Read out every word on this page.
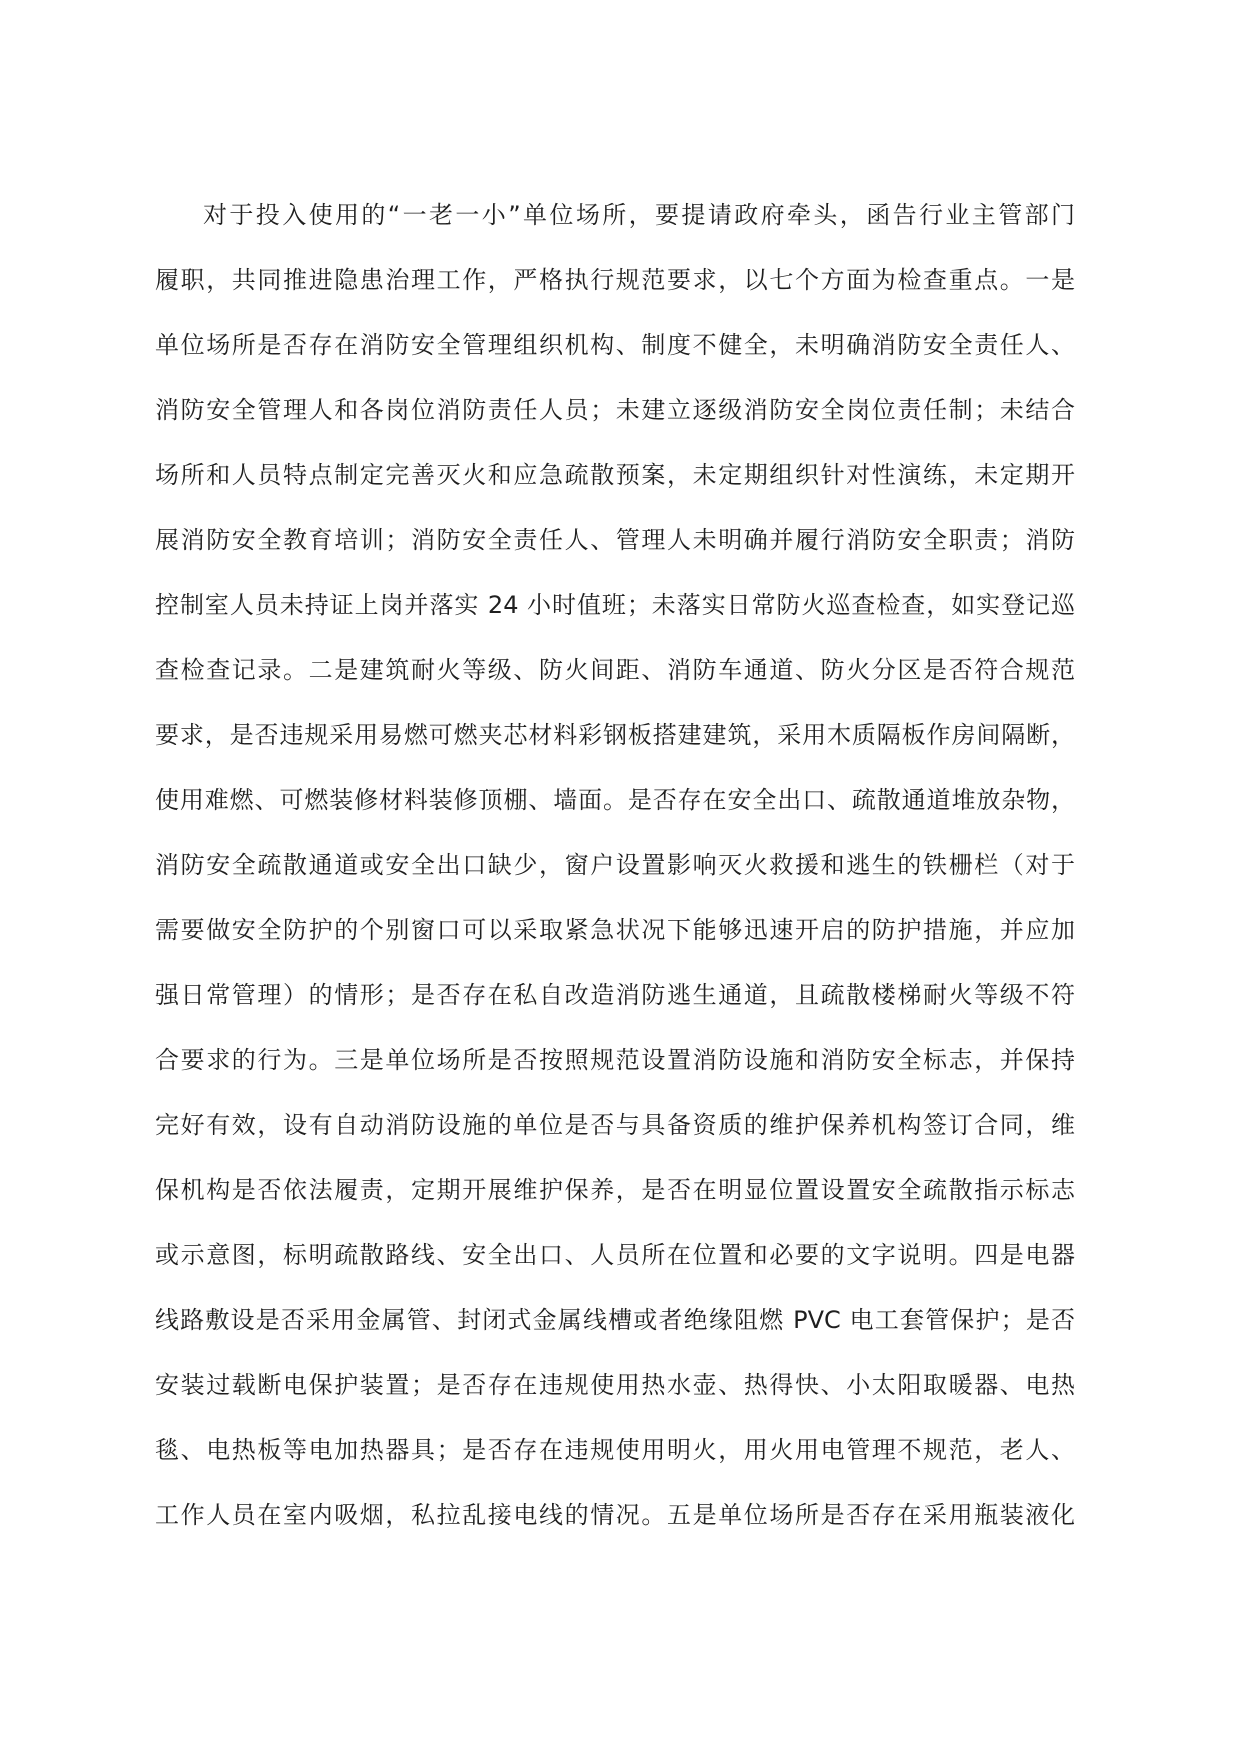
对于投入使用的“一老一小”单位场所，要提请政府牵头，函告行业主管部门
履职，共同推进隐患治理工作，严格执行规范要求，以七个方面为检查重点。一是
单位场所是否存在消防安全管理组织机构、制度不健全，未明确消防安全责任人、
消防安全管理人和各岗位消防责任人员；未建立逐级消防安全岗位责任制；未结合
场所和人员特点制定完善灭火和应急疏散预案，未定期组织针对性演练，未定期开
展消防安全教育培训；消防安全责任人、管理人未明确并履行消防安全职责；消防
控制室人员未持证上岗并落实 24 小时值班；未落实日常防火巡查检查，如实登记巡
查检查记录。二是建筑耐火等级、防火间距、消防车通道、防火分区是否符合规范
要求，是否违规采用易燃可燃夹芯材料彩钢板搭建建筑，采用木质隔板作房间隔断，
使用难燃、可燃装修材料装修顶棚、墙面。是否存在安全出口、疏散通道堆放杂物，
消防安全疏散通道或安全出口缺少，窗户设置影响灭火救援和逃生的铁栅栏（对于
需要做安全防护的个别窗口可以采取紧急状况下能够迅速开启的防护措施，并应加
强日常管理）的情形；是否存在私自改造消防逃生通道，且疏散楼梯耐火等级不符
合要求的行为。三是单位场所是否按照规范设置消防设施和消防安全标志，并保持
完好有效，设有自动消防设施的单位是否与具备资质的维护保养机构签订合同，维
保机构是否依法履责，定期开展维护保养，是否在明显位置设置安全疏散指示标志
或示意图，标明疏散路线、安全出口、人员所在位置和必要的文字说明。四是电器
线路敷设是否采用金属管、封闭式金属线槽或者绝缘阻燃 PVC 电工套管保护；是否
安装过载断电保护装置；是否存在违规使用热水壶、热得快、小太阳取暖器、电热
毯、电热板等电加热器具；是否存在违规使用明火，用火用电管理不规范，老人、
工作人员在室内吸烟，私拉乱接电线的情况。五是单位场所是否存在采用瓶装液化
